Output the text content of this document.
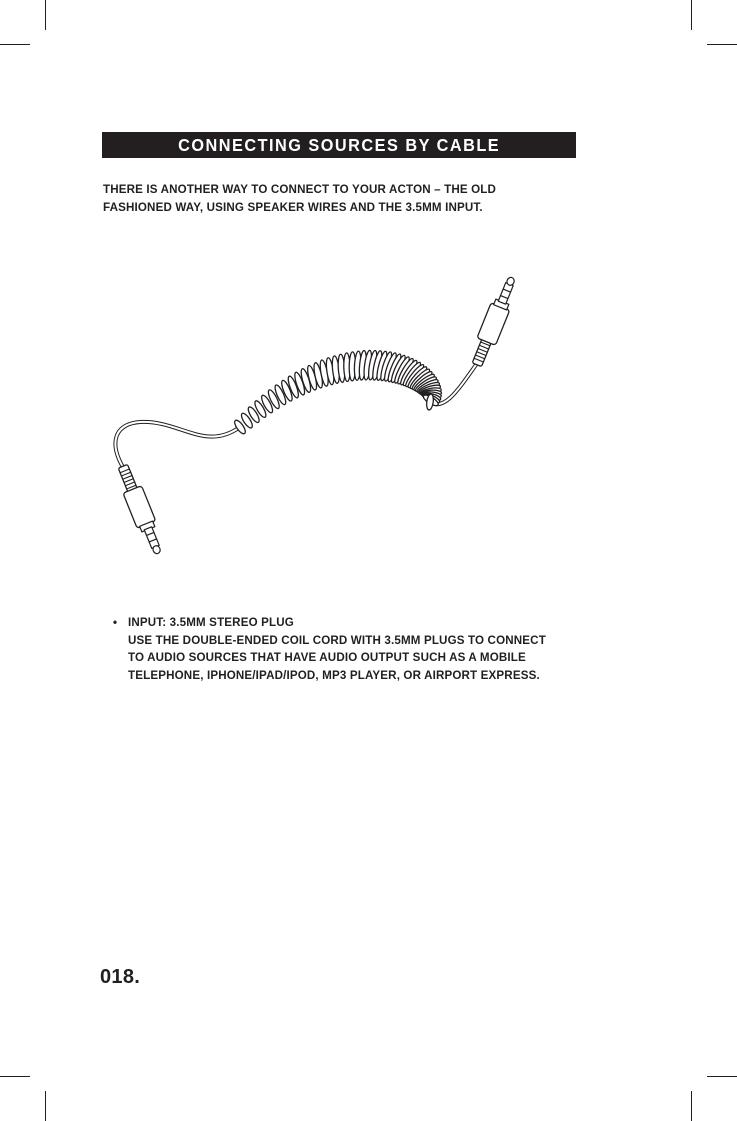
CONNECTING SOURCES BY CABLE
THERE IS ANOTHER WAY TO CONNECT TO YOUR ACTON – THE OLD FASHIONED WAY, USING SPEAKER WIRES AND THE 3.5MM INPUT.
• INPUT: 3.5MM STEREO PLUG
USE THE DOUBLE-ENDED COIL CORD WITH 3.5MM PLUGS TO CONNECT TO AUDIO SOURCES THAT HAVE AUDIO OUTPUT SUCH AS A MOBILE TELEPHONE, IPHONE/IPAD/IPOD, MP3 PLAYER, OR AIRPORT EXPRESS.
018.
